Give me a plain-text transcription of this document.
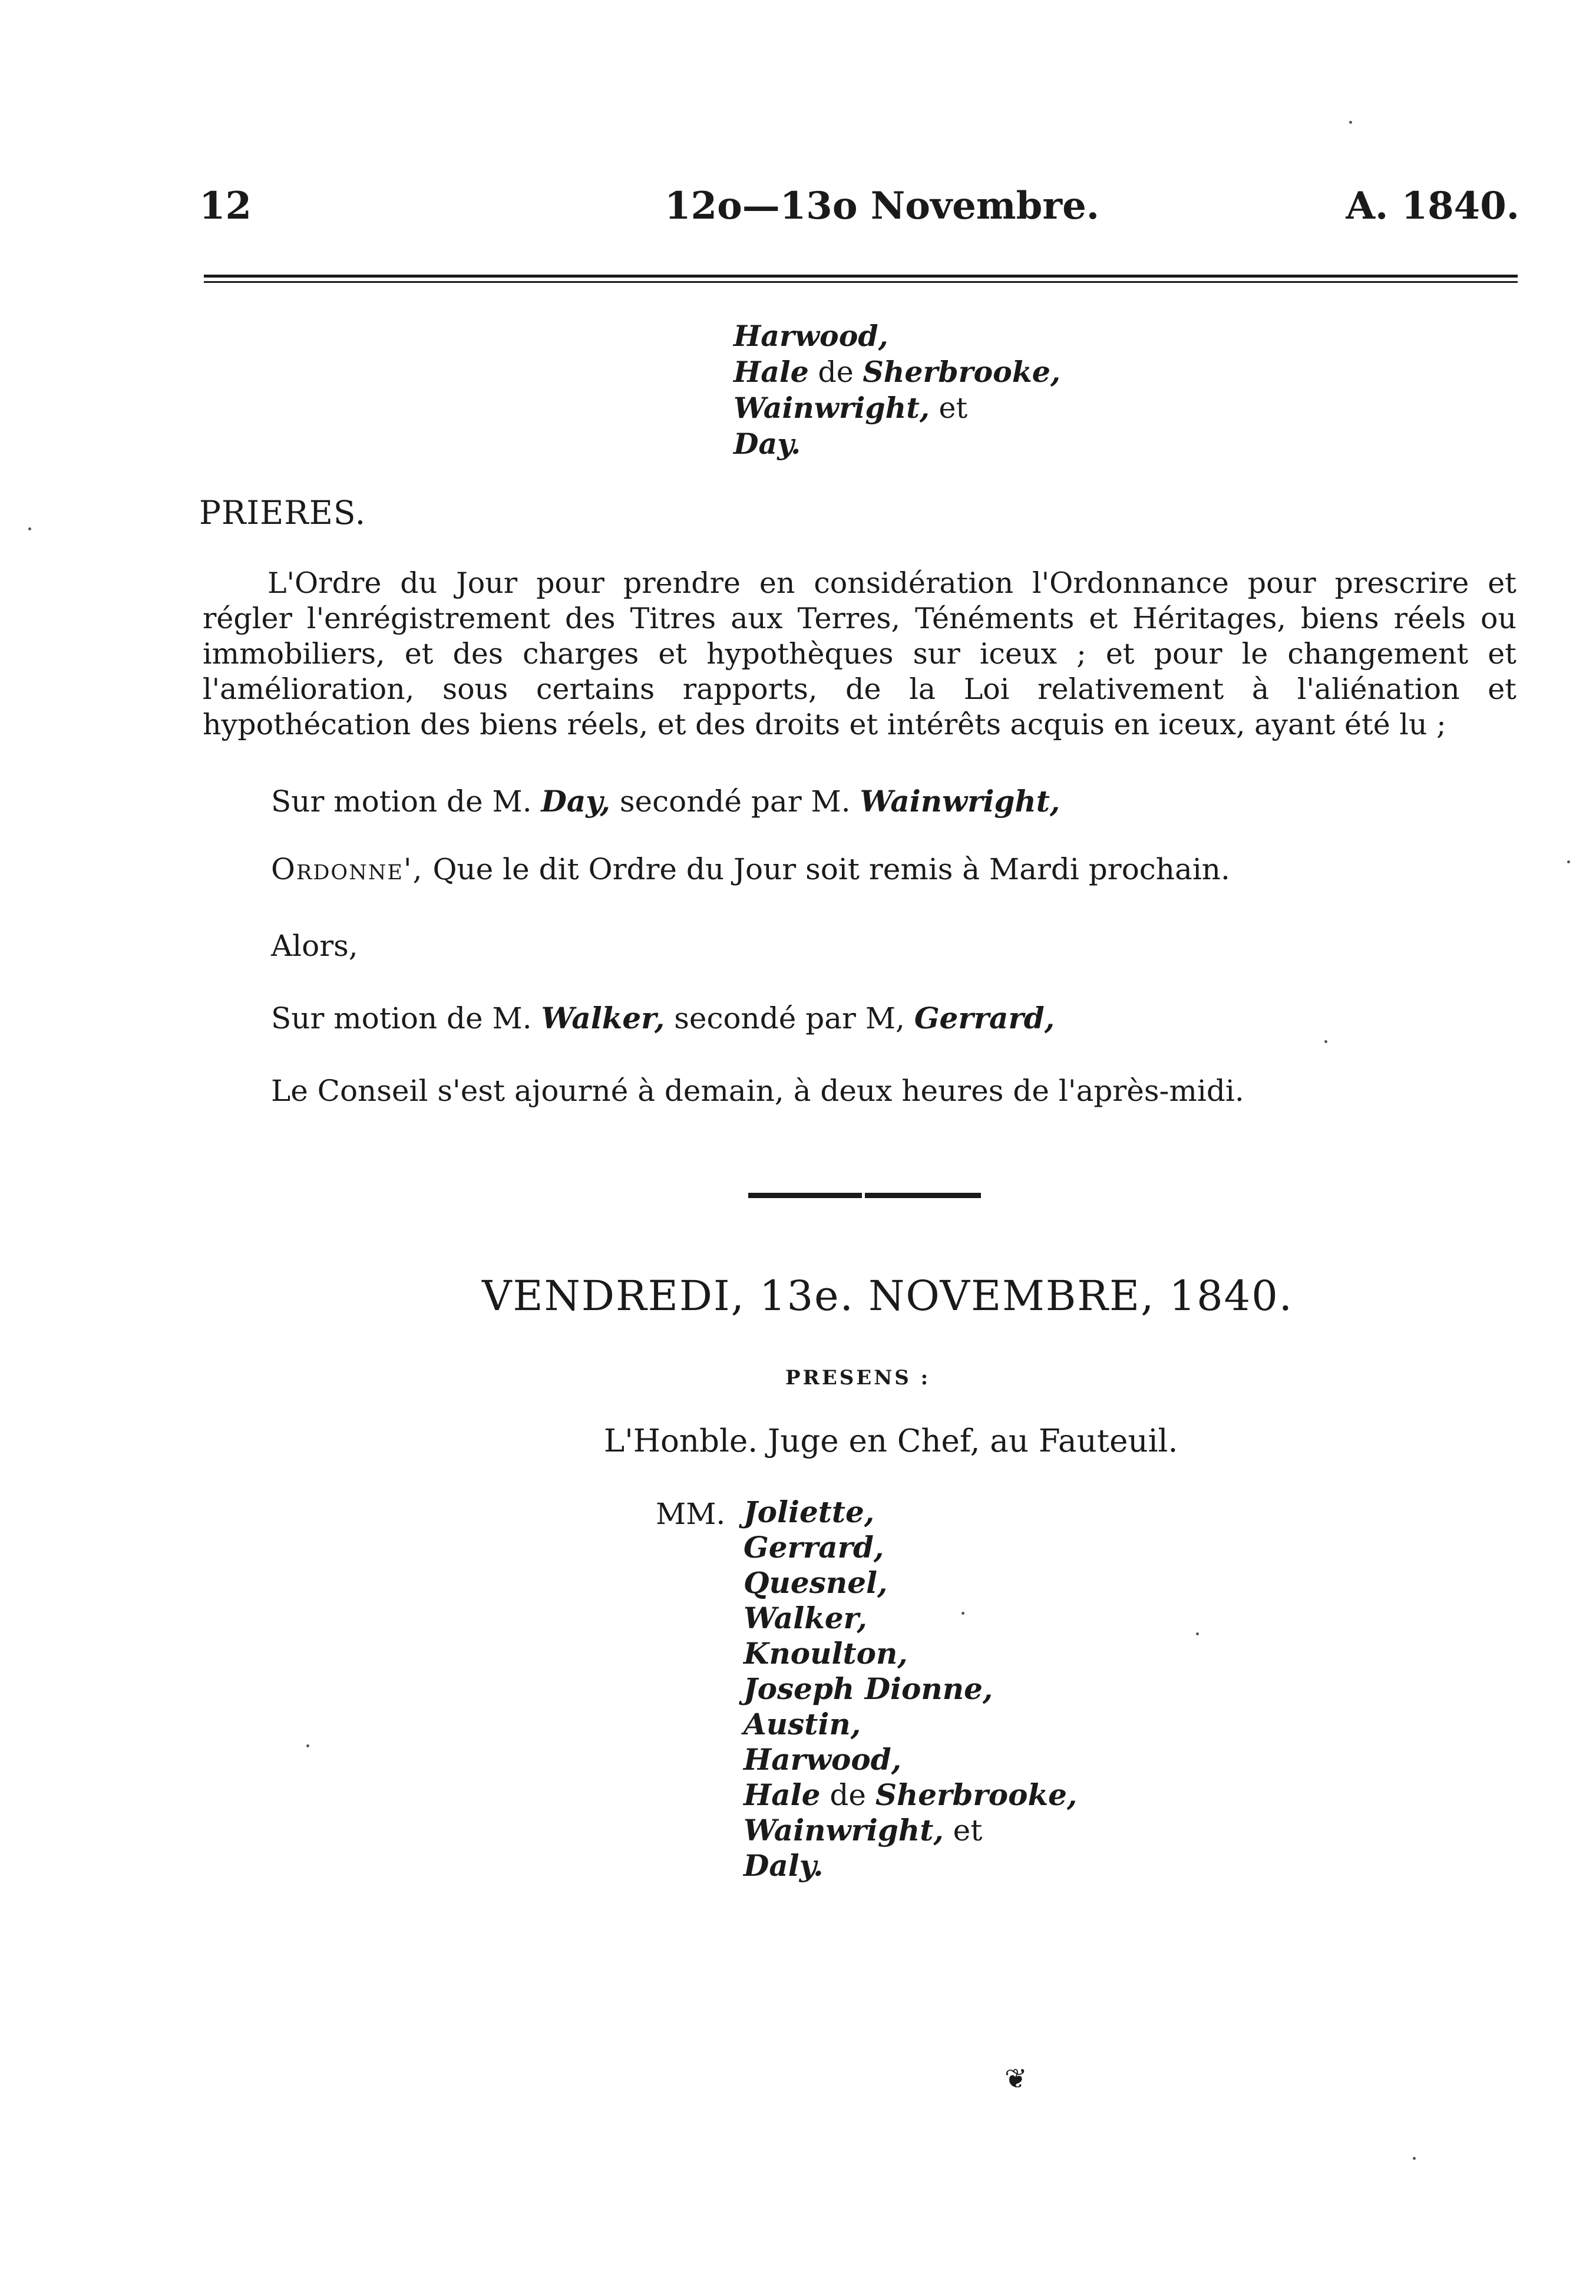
12	12o—13o Novembre.	A. 1840.
Harwood,
Hale de Sherbrooke,
Wainwright, et
Day.
PRIERES.
L'Ordre du Jour pour prendre en considération l'Ordonnance pour prescrire et régler l'enrégistrement des Titres aux Terres, Ténéments et Héritages, biens réels ou immobiliers, et des charges et hypothèques sur iceux ; et pour le changement et l'amélioration, sous certains rapports, de la Loi relativement à l'aliénation et hypothécation des biens réels, et des droits et intérêts acquis en iceux, ayant été lu ;
Sur motion de M. Day, secondé par M. Wainwright,
Ordonne', Que le dit Ordre du Jour soit remis à Mardi prochain.
Alors,
Sur motion de M. Walker, secondé par M, Gerrard,
Le Conseil s'est ajourné à demain, à deux heures de l'après-midi.
VENDREDI, 13e. NOVEMBRE, 1840.
PRESENS :
L'Honble. Juge en Chef, au Fauteuil.
MM. Joliette,
Gerrard,
Quesnel,
Walker,
Knoulton,
Joseph Dionne,
Austin,
Harwood,
Hale de Sherbrooke,
Wainwright, et
Daly.
❦
